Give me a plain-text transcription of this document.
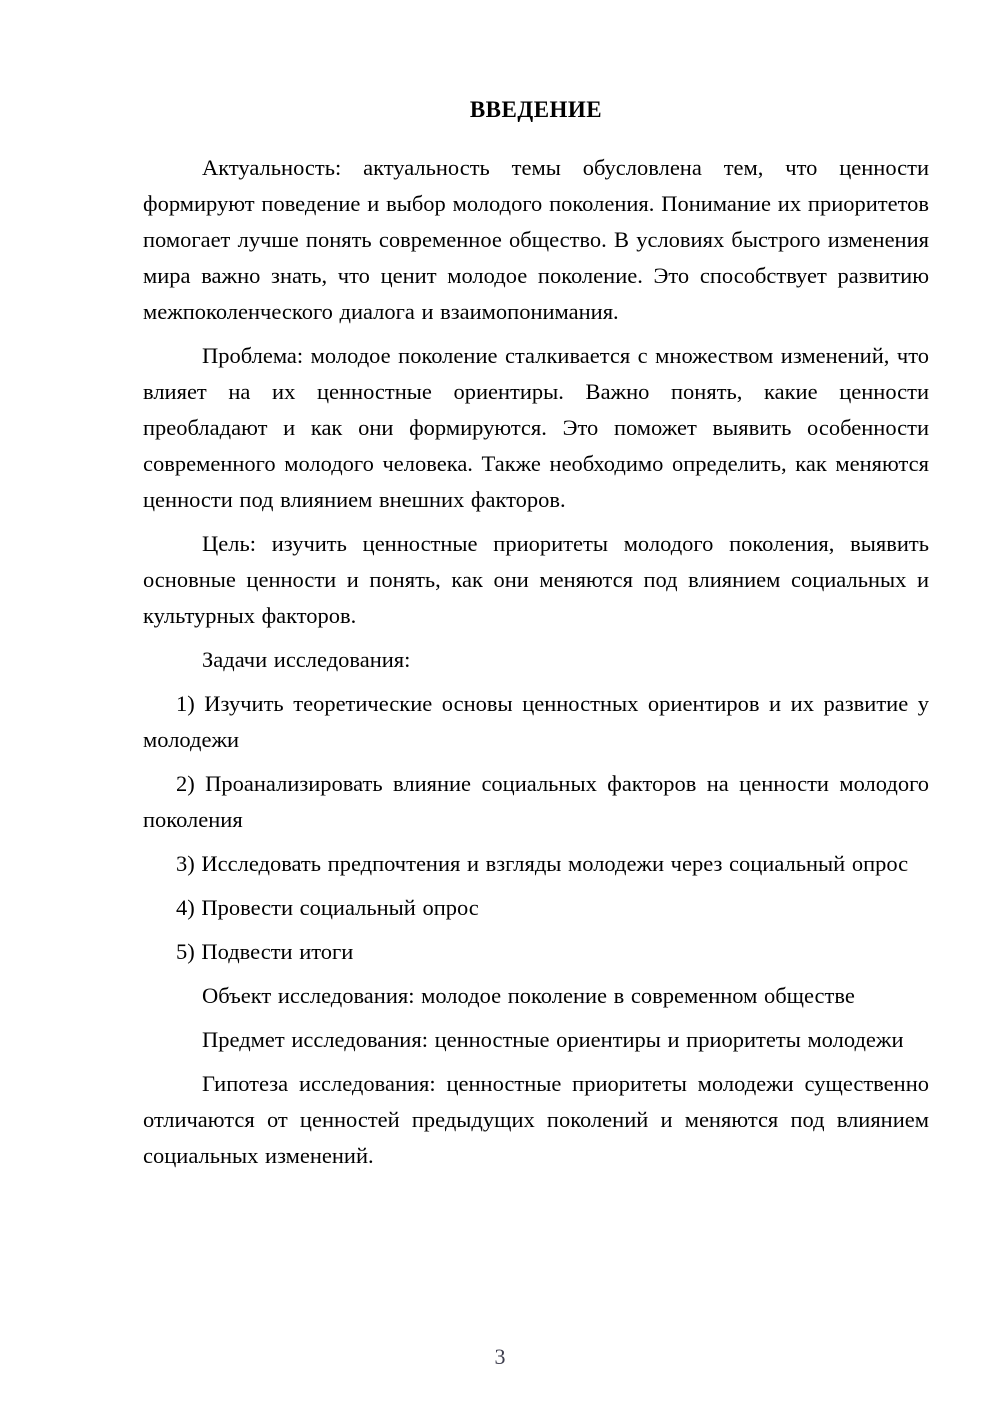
ВВЕДЕНИЕ

Актуальность: актуальность темы обусловлена тем, что ценности формируют поведение и выбор молодого поколения. Понимание их приоритетов помогает лучше понять современное общество. В условиях быстрого изменения мира важно знать, что ценит молодое поколение. Это способствует развитию межпоколенческого диалога и взаимопонимания.

Проблема: молодое поколение сталкивается с множеством изменений, что влияет на их ценностные ориентиры. Важно понять, какие ценности преобладают и как они формируются. Это поможет выявить особенности современного молодого человека. Также необходимо определить, как меняются ценности под влиянием внешних факторов.

Цель: изучить ценностные приоритеты молодого поколения, выявить основные ценности и понять, как они меняются под влиянием социальных и культурных факторов.

Задачи исследования:

1) Изучить теоретические основы ценностных ориентиров и их развитие у молодежи

2) Проанализировать влияние социальных факторов на ценности молодого поколения

3) Исследовать предпочтения и взгляды молодежи через социальный опрос

4) Провести социальный опрос

5) Подвести итоги

Объект исследования: молодое поколение в современном обществе

Предмет исследования: ценностные ориентиры и приоритеты молодежи

Гипотеза исследования: ценностные приоритеты молодежи существенно отличаются от ценностей предыдущих поколений и меняются под влиянием социальных изменений.

3
